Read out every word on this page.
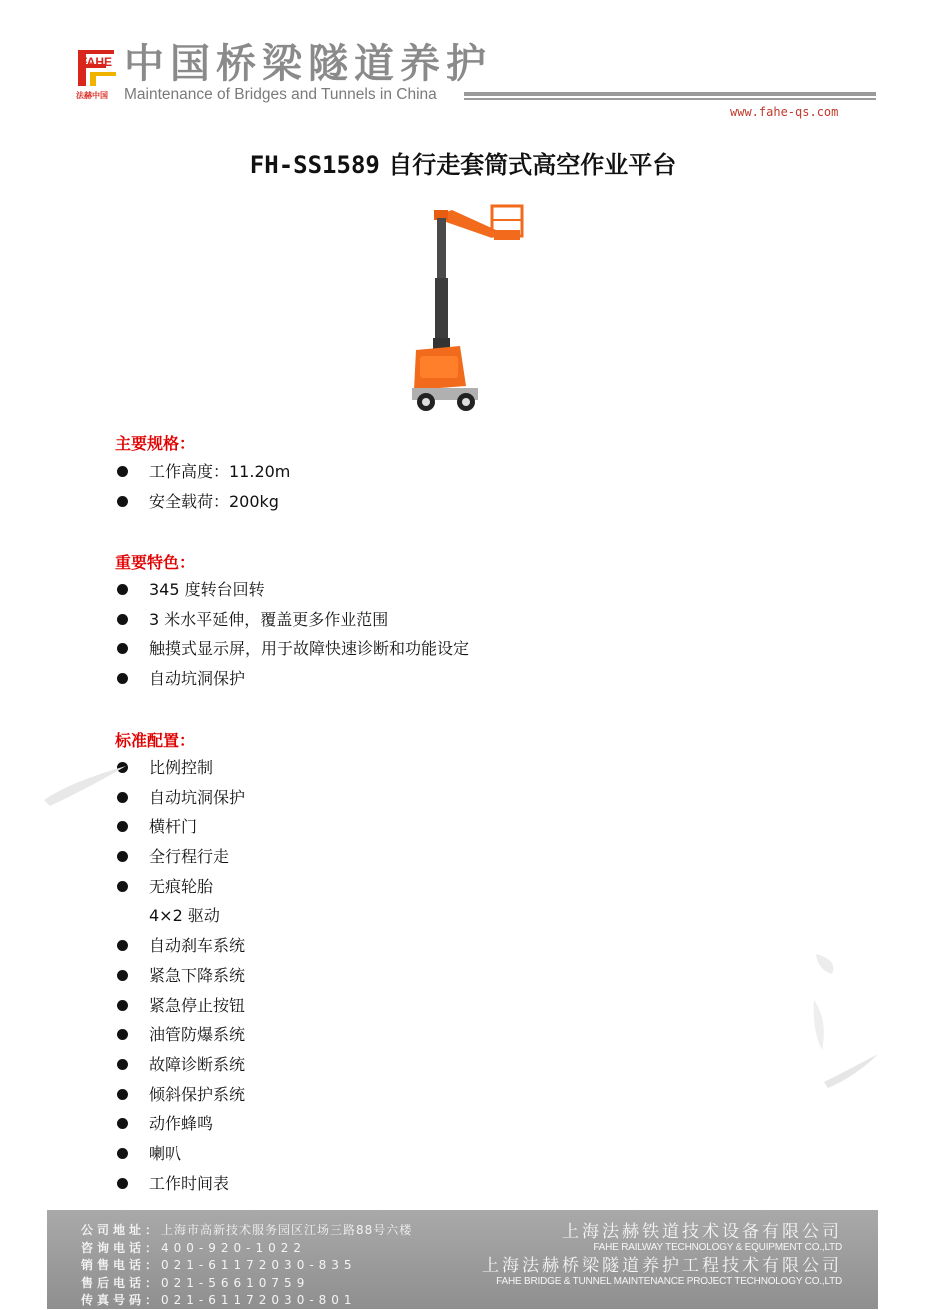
FAHE
法赫中国
中国桥梁隧道养护
Maintenance of Bridges and Tunnels in China
www.fahe-qs.com
FH-SS1589 自行走套筒式高空作业平台
主要规格：
工作高度：11.20m
安全载荷：200kg
重要特色：
345 度转台回转
3 米水平延伸，覆盖更多作业范围
触摸式显示屏，用于故障快速诊断和功能设定
自动坑洞保护
标准配置：
比例控制
自动坑洞保护
横杆门
全行程行走
无痕轮胎
4×2 驱动
自动刹车系统
紧急下降系统
紧急停止按钮
油管防爆系统
故障诊断系统
倾斜保护系统
动作蜂鸣
喇叭
工作时间表
公司地址：上海市高新技术服务园区江场三路88号六楼
咨询电话：400-920-1022
销售电话：021-61172030-835
售后电话：021-56610759
传真号码：021-61172030-801
上海法赫铁道技术设备有限公司
FAHE RAILWAY TECHNOLOGY & EQUIPMENT CO.,LTD
上海法赫桥梁隧道养护工程技术有限公司
FAHE BRIDGE & TUNNEL MAINTENANCE PROJECT TECHNOLOGY CO.,LTD
